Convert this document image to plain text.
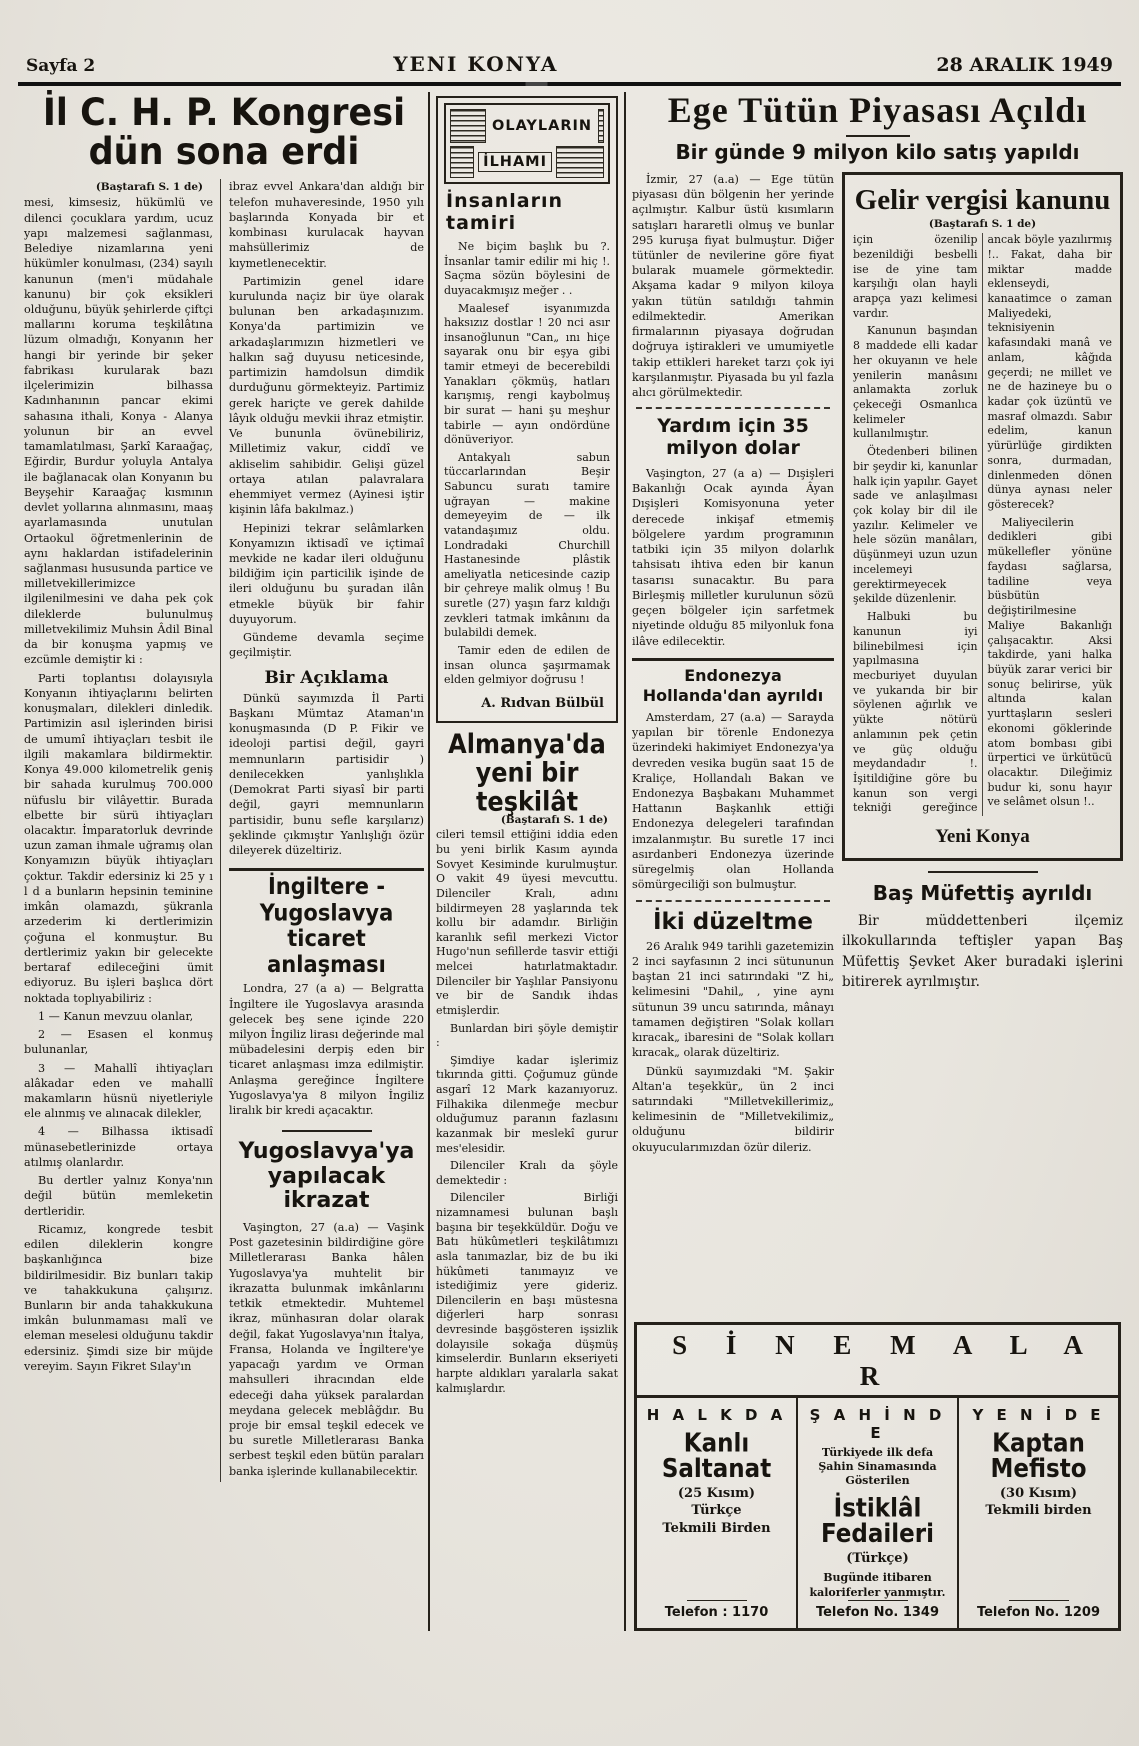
Sayfa 2	YENI KONYA	28 ARALIK 1949
İl C. H. P. Kongresi dün sona erdi
(Baştarafı S. 1 de)

mesi, kimsesiz, hükümlü ve dilenci çocuklara yardım, ucuz yapı malzemesi sağlanması, Belediye nizamlarına yeni hükümler konulması, (234) sayılı kanunun (men'i müdahale kanunu) bir çok eksikleri olduğunu, büyük şehirlerde çiftçi mallarını koruma teşkilâtına lüzum olmadığı, Konyanın her hangi bir yerinde bir şeker fabrikası kurularak bazı ilçelerimizin bilhassa Kadınhanının pancar ekimi sahasına ithali, Konya - Alanya yolunun bir an evvel tamamlatılması, Şarkî Karaağaç, Eğirdir, Burdur yoluyla Antalya ile bağlanacak olan Konyanın bu Beyşehir Karaağaç kısmının devlet yollarına alınmasını, maaş ayarlamasında unutulan Ortaokul öğretmenlerinin de aynı haklardan istifadelerinin sağlanması hususunda partice ve milletvekillerimizce ilgilenilmesini ve daha pek çok dileklerde bulunulmuş milletvekilimiz Muhsin Âdil Binal da bir konuşma yapmış ve ezcümle demiştir ki :

Parti toplantısı dolayısıyla Konyanın ihtiyaçlarını belirten konuşmaları, dilekleri dinledik. Partimizin asıl işlerinden birisi de umumî ihtiyaçları tesbit ile ilgili makamlara bildirmektir. Konya 49.000 kilometrelik geniş bir sahada kurulmuş 700.000 nüfuslu bir vilâyettir. Burada elbette bir sürü ihtiyaçları olacaktır. İmparatorluk devrinde uzun zaman ihmale uğramış olan Konyamızın büyük ihtiyaçları çoktur. Takdir edersiniz ki 25 y ı l d a bunların hepsinin teminine imkân olamazdı, şükranla arzederim ki dertlerimizin çoğuna el konmuştur. Bu dertlerimiz yakın bir gelecekte bertaraf edileceğini ümit ediyoruz. Bu işleri başlıca dört noktada toplıyabiliriz :

1 — Kanun mevzuu olanlar,

2 — Esasen el konmuş bulunanlar,

3 — Mahallî ihtiyaçları alâkadar eden ve mahallî makamların hüsnü niyetleriyle ele alınmış ve alınacak dilekler,

4 — Bilhassa iktisadî münasebetlerinizde ortaya atılmış olanlardır.

Bu dertler yalnız Konya'nın değil bütün memleketin dertleridir.

Ricamız, kongrede tesbit edilen dileklerin kongre başkanlığınca bize bildirilmesidir. Biz bunları takip ve tahakkukuna çalışırız. Bunların bir anda tahakkukuna imkân bulunmaması malî ve eleman meselesi olduğunu takdir edersiniz. Şimdi size bir müjde vereyim. Sayın Fikret Sılay'ın

ibraz evvel Ankara'dan aldığı bir telefon muhaveresinde, 1950 yılı başlarında Konyada bir et kombinası kurulacak hayvan mahsüllerimiz de kıymetlenecektir.

Partimizin genel idare kurulunda naçiz bir üye olarak bulunan ben arkadaşınızım. Konya'da partimizin ve arkadaşlarımızın hizmetleri ve halkın sağ duyusu neticesinde, partimizin hamdolsun dimdik durduğunu görmekteyiz. Partimiz gerek hariçte ve gerek dahilde lâyık olduğu mevkii ihraz etmiştir. Ve bununla övünebiliriz, Milletimiz vakur, ciddî ve akliselim sahibidir. Gelişi güzel ortaya atılan palavralara ehemmiyet vermez (Ayinesi iştir kişinin lâfa bakılmaz.)

Hepinizi tekrar selâmlarken Konyamızın iktisadî ve içtimaî mevkide ne kadar ileri olduğunu bildiğim için particilik işinde de ileri olduğunu bu şuradan ilân etmekle büyük bir fahir duyuyorum.

Gündeme devamla seçime geçilmiştir.

Bir Açıklama

Dünkü sayımızda İl Parti Başkanı Mümtaz Ataman'ın konuşmasında (D P. Fikir ve ideoloji partisi değil, gayri memnunların partisidir ) denilecekken yanlışlıkla (Demokrat Parti siyasî bir parti değil, gayri memnunların partisidir, bunu sefle karşılarız) şeklinde çıkmıştır Yanlışlığı özür dileyerek düzeltiriz.

İngiltere - Yugoslavya ticaret anlaşması

Londra, 27 (a a) — Belgratta İngiltere ile Yugoslavya arasında gelecek beş sene içinde 220 milyon İngiliz lirası değerinde mal mübadelesini derpiş eden bir ticaret anlaşması imza edilmiştir. Anlaşma gereğince İngiltere Yugoslavya'ya 8 milyon İngiliz liralık bir kredi açacaktır.

Yugoslavya'ya yapılacak ikrazat

Vaşington, 27 (a.a) — Vaşink Post gazetesinin bildirdiğine göre Milletlerarası Banka hâlen Yugoslavya'ya muhtelit bir ikrazatta bulunmak imkânlarını tetkik etmektedir. Muhtemel ikraz, münhasıran dolar olarak değil, fakat Yugoslavya'nın İtalya, Fransa, Holanda ve İngiltere'ye yapacağı yardım ve Orman mahsulleri ihracından elde edeceği daha yüksek paralardan meydana gelecek meblâğdır. Bu proje bir emsal teşkil edecek ve bu suretle Milletlerarası Banka serbest teşkil eden bütün paraları banka işlerinde kullanabilecektir.

OLAYLARIN
İLHAMI
İnsanların tamiri

Ne biçim başlık bu ?. İnsanlar tamir edilir mi hiç !. Saçma sözün böylesini de duyacakmışız meğer . .

Maalesef isyanımızda haksızız dostlar ! 20 nci asır insanoğlunun "Can„ ını hiçe sayarak onu bir eşya gibi tamir etmeyi de becerebildi Yanakları çökmüş, hatları karışmış, rengi kaybolmuş bir surat — hani şu meşhur tabirle — ayın ondördüne dönüveriyor.

Antakyalı sabun tüccarlarından Beşir Sabuncu suratı tamire uğrayan — makine demeyeyim de — ilk vatandaşımız oldu. Londradaki Churchill Hastanesinde plâstik ameliyatla neticesinde cazip bir çehreye malik olmuş ! Bu suretle (27) yaşın farz kıldığı zevkleri tatmak imkânını da bulabildi demek.

Tamir eden de edilen de insan olunca şaşırmamak elden gelmiyor doğrusu !

A. Rıdvan Bülbül
Almanya'da yeni bir teşkilât
(Baştarafı S. 1 de)

cileri temsil ettiğini iddia eden bu yeni birlik Kasım ayında Sovyet Kesiminde kurulmuştur. O vakit 49 üyesi mevcuttu. Dilenciler Kralı, adını bildirmeyen 28 yaşlarında tek kollu bir adamdır. Birliğin karanlık sefil merkezi Victor Hugo'nun sefillerde tasvir ettiği melcei hatırlatmaktadır. Dilenciler bir Yaşlılar Pansiyonu ve bir de Sandık ihdas etmişlerdir.

Bunlardan biri şöyle demiştir :

Şimdiye kadar işlerimiz tıkırında gitti. Çoğumuz günde asgarî 12 Mark kazanıyoruz. Filhakika dilenmeğe mecbur olduğumuz paranın fazlasını kazanmak bir meslekî gurur mes'elesidir.

Dilenciler Kralı da şöyle demektedir :

Dilenciler Birliği nizamnamesi bulunan başlı başına bir teşekküldür. Doğu ve Batı hükûmetleri teşkilâtımızı asla tanımazlar, biz de bu iki hükûmeti tanımayız ve istediğimiz yere gideriz. Dilencilerin en başı müstesna diğerleri harp sonrası devresinde başgösteren işsizlik dolayısile sokağa düşmüş kimselerdir. Bunların ekseriyeti harpte aldıkları yaralarla sakat kalmışlardır.

Ege Tütün Piyasası Açıldı
Bir günde 9 milyon kilo satış yapıldı

İzmir, 27 (a.a) — Ege tütün piyasası dün bölgenin her yerinde açılmıştır. Kalbur üstü kısımların satışları hararetli olmuş ve bunlar 295 kuruşa fiyat bulmuştur. Diğer tütünler de nevilerine göre fiyat bularak muamele görmektedir. Akşama kadar 9 milyon kiloya yakın tütün satıldığı tahmin edilmektedir. Amerikan firmalarının piyasaya doğrudan doğruya iştirakleri ve umumiyetle takip ettikleri hareket tarzı çok iyi karşılanmıştır. Piyasada bu yıl fazla alıcı görülmektedir.

Yardım için 35 milyon dolar

Vaşington, 27 (a a) — Dışişleri Bakanlığı Ocak ayında Âyan Dışişleri Komisyonuna yeter derecede inkişaf etmemiş bölgelere yardım programının tatbiki için 35 milyon dolarlık tahsisatı ihtiva eden bir kanun tasarısı sunacaktır. Bu para Birleşmiş milletler kurulunun sözü geçen bölgeler için sarfetmek niyetinde olduğu 85 milyonluk fona ilâve edilecektir.

Endonezya Hollanda'dan ayrıldı

Amsterdam, 27 (a.a) — Sarayda yapılan bir törenle Endonezya üzerindeki hakimiyet Endonezya'ya devreden vesika bugün saat 15 de Kraliçe, Hollandalı Bakan ve Endonezya Başbakanı Muhammet Hattanın Başkanlık ettiği Endonezya delegeleri tarafından imzalanmıştır. Bu suretle 17 inci asırdanberi Endonezya üzerinde süregelmiş olan Hollanda sömürgeciliği son bulmuştur.

İki düzeltme

26 Aralık 949 tarihli gazetemizin 2 inci sayfasının 2 inci sütununun baştan 21 inci satırındaki "Z hi„ kelimesini "Dahil„ , yine aynı sütunun 39 uncu satırında, mânayı tamamen değiştiren "Solak kolları kıracak„ ibaresini de "Solak kolları kıracak„ olarak düzeltiriz.

Dünkü sayımızdaki "M. Şakir Altan'a teşekkür„ ün 2 inci satırındaki "Milletvekillerimiz„ kelimesinin de "Milletvekilimiz„ olduğunu bildirir okuyucularımızdan özür dileriz.

Gelir vergisi kanunu
(Baştarafı S. 1 de)

için özenilip bezenildiği besbelli ise de yine tam karşılığı olan hayli arapça yazı kelimesi vardır.

Kanunun başından 8 maddede elli kadar her okuyanın ve hele yenilerin manâsını anlamakta zorluk çekeceği Osmanlıca kelimeler kullanılmıştır.

Ötedenberi bilinen bir şeydir ki, kanunlar halk için yapılır. Gayet sade ve anlaşılması çok kolay bir dil ile yazılır. Kelimeler ve hele sözün manâları, düşünmeyi uzun uzun incelemeyi gerektirmeyecek şekilde düzenlenir.

Halbuki bu kanunun iyi bilinebilmesi için yapılmasına mecburiyet duyulan ve yukarıda bir bir söylenen ağırlık ve yükte nötürü anlamının pek çetin ve güç olduğu meydandadır !. İşitildiğine göre bu kanun son vergi tekniği gereğince ancak böyle yazılırmış !.. Fakat, daha bir miktar madde eklenseydi, kanaatimce o zaman Maliyedeki, teknisiyenin kafasındaki manâ ve anlam, kâğıda geçerdi; ne millet ve ne de hazineye bu o kadar çok üzüntü ve masraf olmazdı. Sabır edelim, kanun yürürlüğe girdikten sonra, durmadan, dinlenmeden dönen dünya aynası neler gösterecek?

Maliyecilerin dedikleri gibi mükellefler yönüne faydası sağlarsa, tadiline veya büsbütün değiştirilmesine Maliye Bakanlığı çalışacaktır. Aksi takdirde, yani halka büyük zarar verici bir sonuç belirirse, yük altında kalan yurttaşların sesleri ekonomi göklerinde atom bombası gibi ürpertici ve ürkütücü olacaktır. Dileğimiz budur ki, sonu hayır ve selâmet olsun !..

Yeni Konya
Baş Müfettiş ayrıldı

Bir müddettenberi ilçemiz ilkokullarında teftişler yapan Baş Müfettiş Şevket Aker buradaki işlerini bitirerek ayrılmıştır.

S İ N E M A L A R
H A L K D A
Kanlı Saltanat
(25 Kısım)
Türkçe
Tekmili Birden
Telefon : 1170
Ş A H İ N D E
Türkiyede ilk defa Şahin Sinamasında Gösterilen
İstiklâl Fedaileri
(Türkçe)
Bugünde itibaren kaloriferler yanmıştır.
Telefon No. 1349
Y E N İ D E
Kaptan Mefisto
(30 Kısım)
Tekmili birden
Telefon No. 1209
